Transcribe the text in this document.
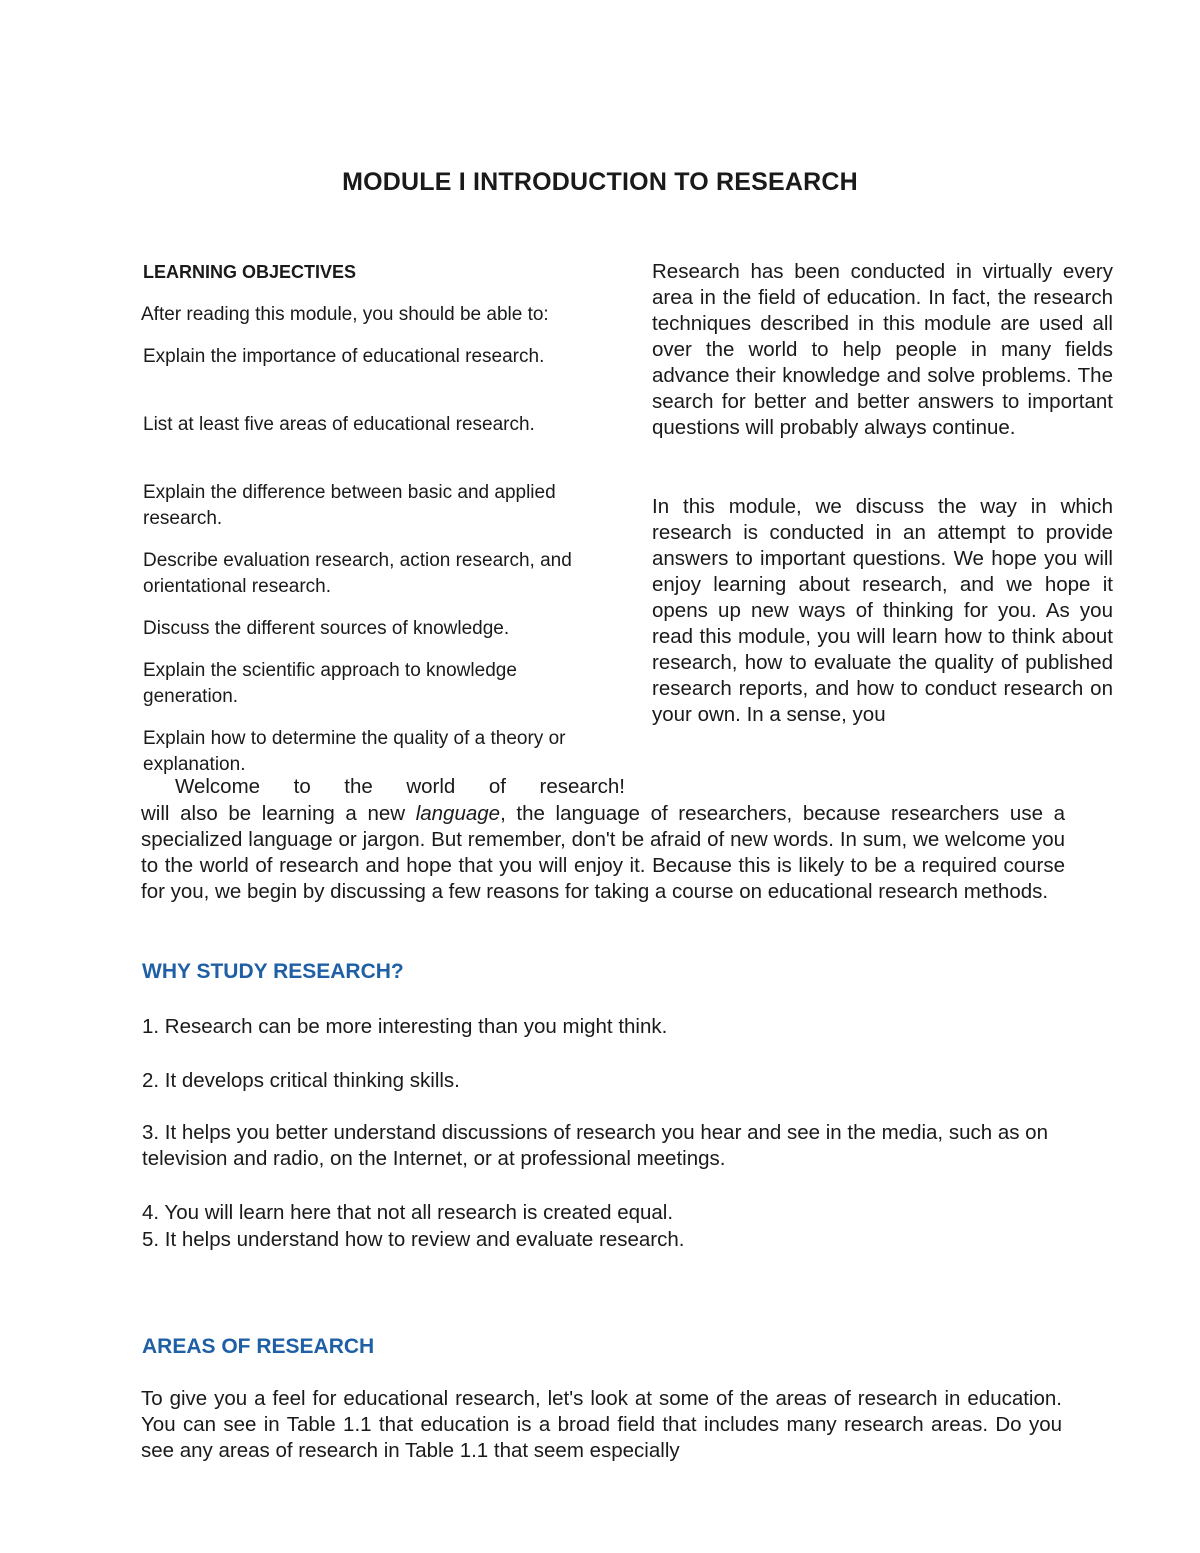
MODULE I INTRODUCTION TO RESEARCH
LEARNING OBJECTIVES
After reading this module, you should be able to:

Explain the importance of educational research.

List at least five areas of educational research.

Explain the difference between basic and applied research.

Describe evaluation research, action research, and orientational research.

Discuss the different sources of knowledge.

Explain the scientific approach to knowledge generation.

Explain how to determine the quality of a theory or explanation.

Research has been conducted in virtually every area in the field of education. In fact, the research techniques described in this module are used all over the world to help people in many fields advance their knowledge and solve problems. The search for better and better answers to important questions will probably always continue.

In this module, we discuss the way in which research is conducted in an attempt to provide answers to important questions. We hope you will enjoy learning about research, and we hope it opens up new ways of thinking for you. As you read this module, you will learn how to think about research, how to evaluate the quality of published research reports, and how to conduct research on your own. In a sense, you

Welcome to the world of research!

will also be learning a new language, the language of researchers, because researchers use a specialized language or jargon. But remember, don't be afraid of new words. In sum, we welcome you to the world of research and hope that you will enjoy it. Because this is likely to be a required course for you, we begin by discussing a few reasons for taking a course on educational research methods.

WHY STUDY RESEARCH?

1. Research can be more interesting than you might think.

2. It develops critical thinking skills.

3. It helps you better understand discussions of research you hear and see in the media, such as on television and radio, on the Internet, or at professional meetings.

4. You will learn here that not all research is created equal.

5. It helps understand how to review and evaluate research.

AREAS OF RESEARCH

To give you a feel for educational research, let's look at some of the areas of research in education. You can see in Table 1.1 that education is a broad field that includes many research areas. Do you see any areas of research in Table 1.1 that seem especially
